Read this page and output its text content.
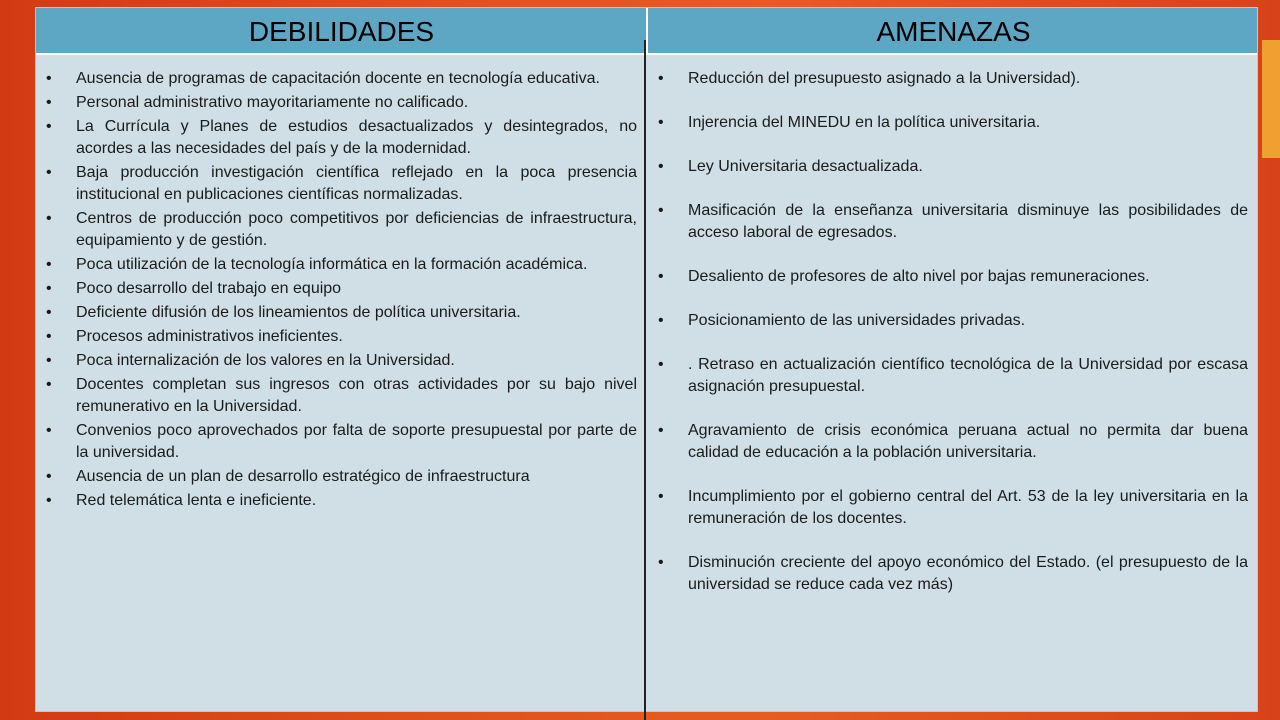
DEBILIDADES	AMENAZAS
• Ausencia de programas de capacitación docente en tecnología educativa.
• Personal administrativo mayoritariamente no calificado.
• La Currícula y Planes de estudios desactualizados y desintegrados, no acordes a las necesidades del país y de la modernidad.
• Baja producción investigación científica reflejado en la poca presencia institucional en publicaciones científicas normalizadas.
• Centros de producción poco competitivos por deficiencias de infraestructura, equipamiento y de gestión.
• Poca utilización de la tecnología informática en la formación académica.
• Poco desarrollo del trabajo en equipo
• Deficiente difusión de los lineamientos de política universitaria.
• Procesos administrativos ineficientes.
• Poca internalización de los valores en la Universidad.
• Docentes completan sus ingresos con otras actividades por su bajo nivel remunerativo en la Universidad.
• Convenios poco aprovechados por falta de soporte presupuestal por parte de la universidad.
• Ausencia de un plan de desarrollo estratégico de infraestructura
• Red telemática lenta e ineficiente.
• Reducción del presupuesto asignado a la Universidad).
• Injerencia del MINEDU en la política universitaria.
• Ley Universitaria desactualizada.
• Masificación de la enseñanza universitaria disminuye las posibilidades de acceso laboral de egresados.
• Desaliento de profesores de alto nivel por bajas remuneraciones.
• Posicionamiento de las universidades privadas.
• . Retraso en actualización científico tecnológica de la Universidad por escasa asignación presupuestal.
• Agravamiento de crisis económica peruana actual no permita dar buena calidad de educación a la población universitaria.
• Incumplimiento por el gobierno central del Art. 53 de la ley universitaria en la remuneración de los docentes.
• Disminución creciente del apoyo económico del Estado. (el presupuesto de la universidad se reduce cada vez más)
